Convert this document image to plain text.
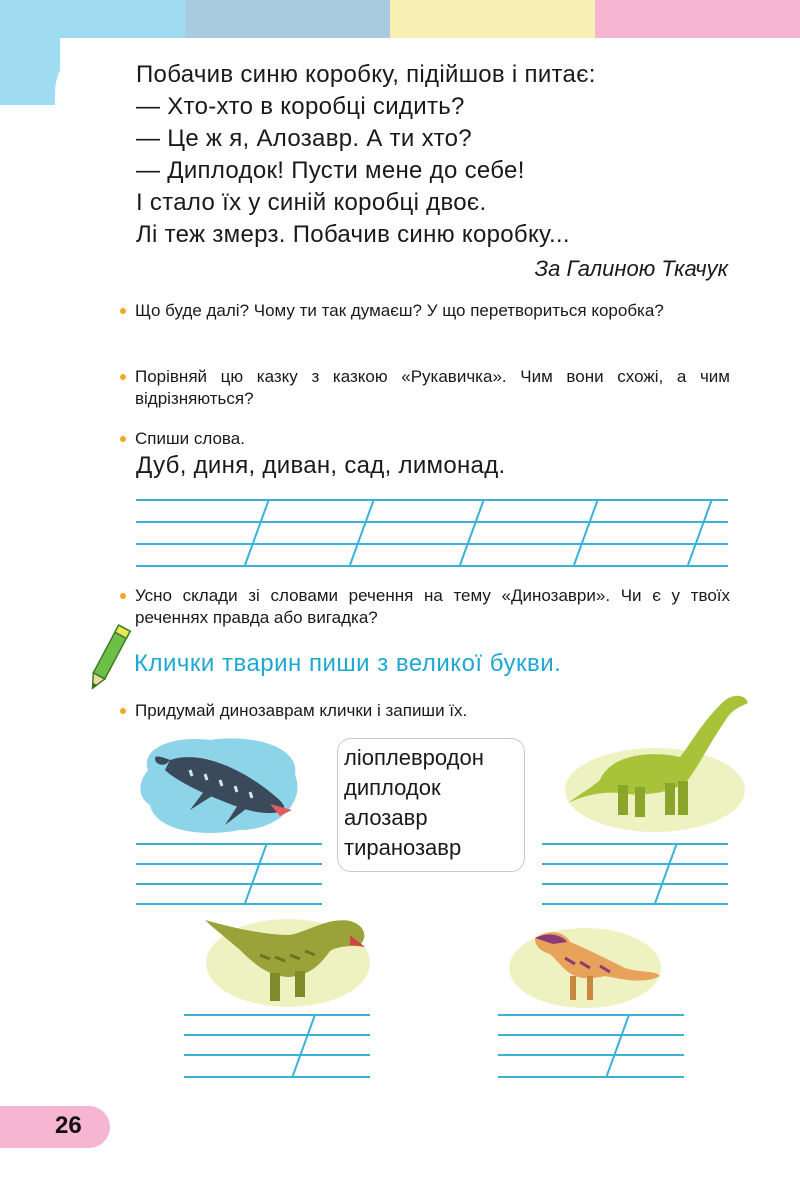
Побачив синю коробку, підійшов і питає:
— Хто-хто в коробці сидить?
— Це ж я, Алозавр. А ти хто?
— Диплодок! Пусти мене до себе!
І стало їх у синій коробці двоє.
Лі теж змерз. Побачив синю коробку...
За Галиною Ткачук
Що буде далі? Чому ти так думаєш? У що перетвориться коробка?
Порівняй цю казку з казкою «Рукавичка». Чим вони схожі, а чим відрізняються?
Спиши слова.
Дуб, диня, диван, сад, лимонад.
Усно склади зі словами речення на тему «Динозаври». Чи є у твоїх реченнях правда або вигадка?
Клички тварин пиши з великої букви.
Придумай динозаврам клички і запиши їх.
ліоплевродон
диплодок
алозавр
тиранозавр
26
